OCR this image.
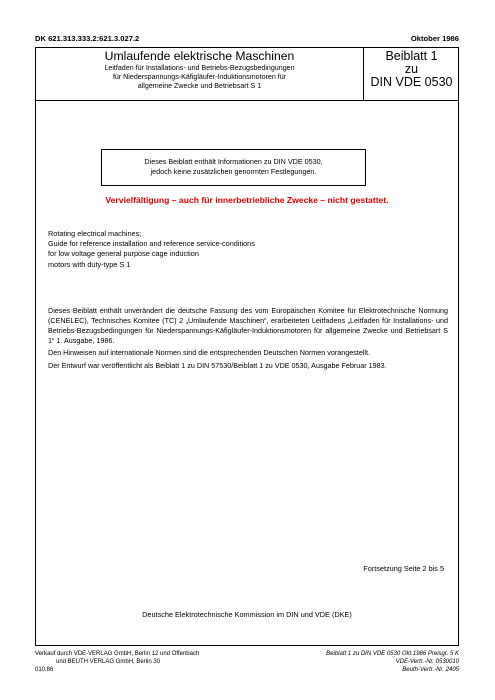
DK 621.313.333.2:621.3.027.2	Oktober 1986
Umlaufende elektrische Maschinen
Leitfaden für Installations- und Betriebs-Bezugsbedingungen
für Niederspannungs-Käfigläufer-Induktionsmotoren für
allgemeine Zwecke und Betriebsart S 1
Beiblatt 1
zu
DIN VDE 0530
Dieses Beiblatt enthält Informationen zu DIN VDE 0530,
jedoch keine zusätzlichen genormten Festlegungen.
Vervielfältigung – auch für innerbetriebliche Zwecke – nicht gestattet.
Rotating electrical machines;
Guide for reference installation and reference service-conditions
for low voltage general purpose cage induction
motors with duty-type S 1
Dieses Beiblatt enthält unverändert die deutsche Fassung des vom Europäischen Komitee für Elektrotechnische Normung (CENELEC), Technisches Komitee (TC) 2 „Umlaufende Maschinen“, erarbeiteten Leitfadens „Leitfaden für Installations- und Betriebs-Bezugsbedingungen für Niederspannungs-Käfigläufer-Induktionsmotoren für allgemeine Zwecke und Betriebsart S 1“ 1. Ausgabe, 1986.
Den Hinweisen auf internationale Normen sind die entsprechenden Deutschen Normen vorangestellt.
Der Entwurf war veröffentlicht als Beiblatt 1 zu DIN 57530/Beiblatt 1 zu VDE 0530, Ausgabe Februar 1983.
Fortsetzung Seite 2 bis 5
Deutsche Elektrotechnische Kommission im DIN und VDE (DKE)
Verkauf durch VDE-VERLAG GmbH, Berlin 12 und Offenbach
und BEUTH VERLAG GmbH, Berlin 30
010.86
Beiblatt 1 zu DIN VDE 0530 Okt.1986 Preisgr. 5 K
VDE-Vertr.-Nr. 0530010
Beuth-Vertr.-Nr. 2405
